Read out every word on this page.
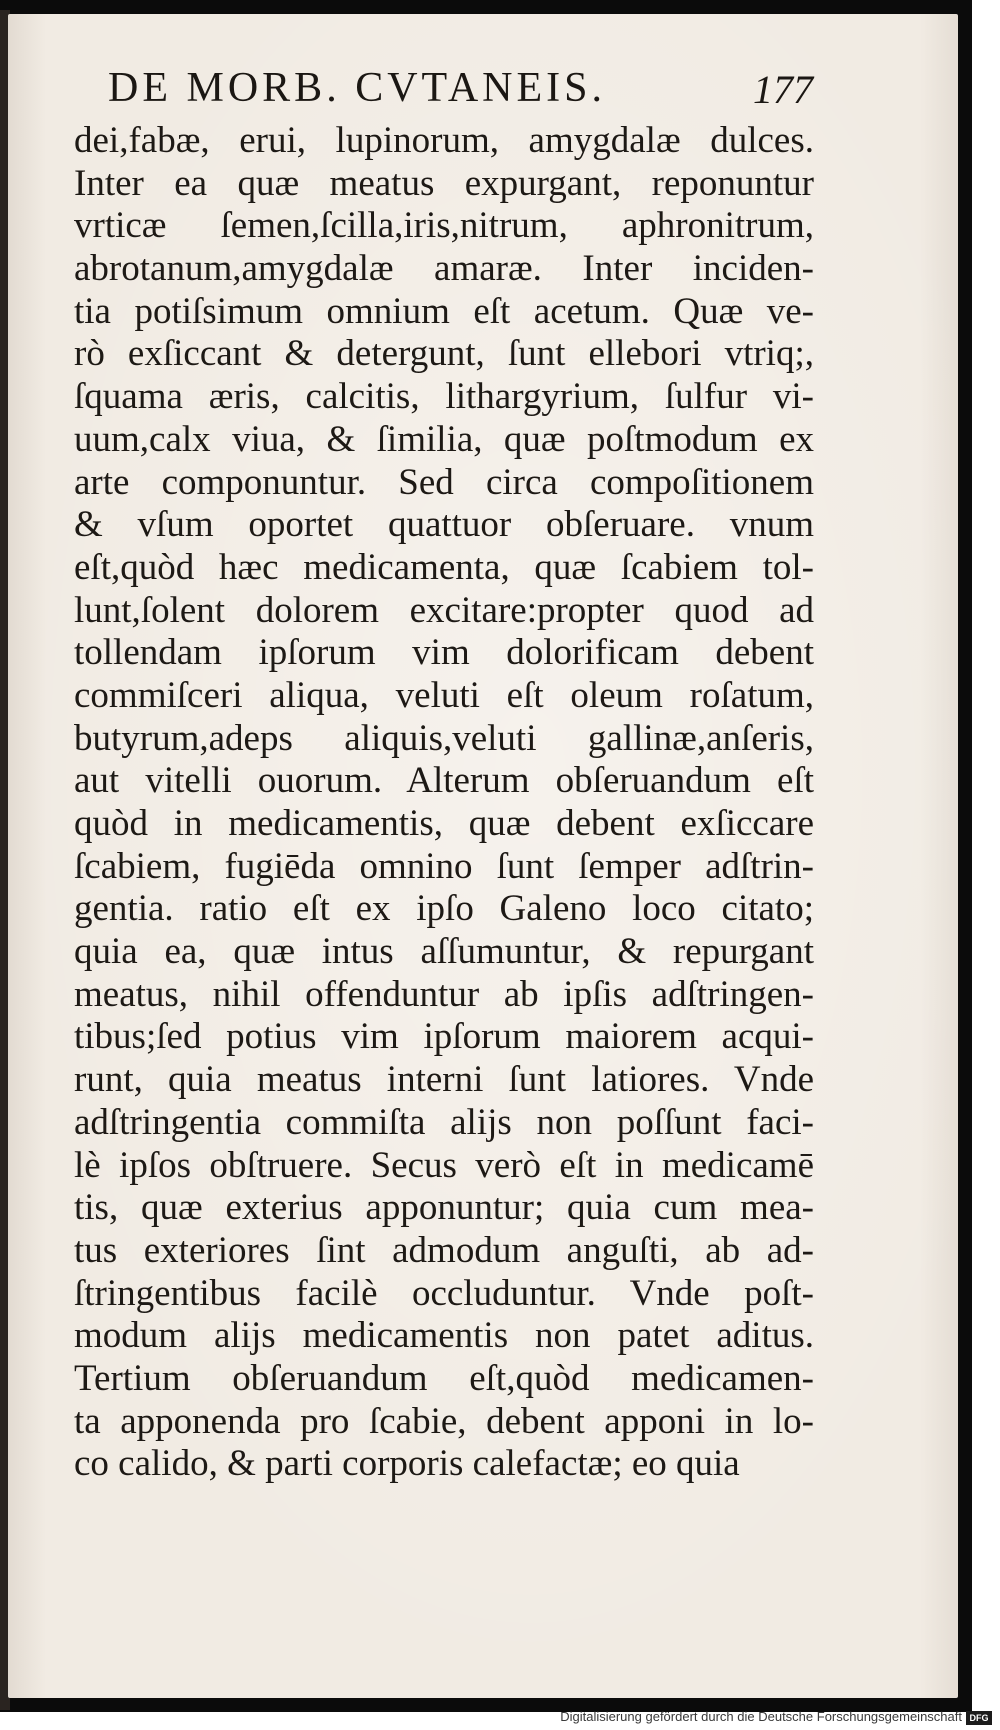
DE MORB. CVTANEIS.	177
dei,fabæ, erui, lupinorum, amygdalæ dulces.
Inter ea quæ meatus expurgant, reponuntur
vrticæ ſemen,ſcilla,iris,nitrum, aphronitrum,
abrotanum,amygdalæ amaræ. Inter inciden-
tia potiſsimum omnium eſt acetum. Quæ ve-
rò exſiccant & detergunt, ſunt ellebori vtriq;,
ſquama æris, calcitis, lithargyrium, ſulfur vi-
uum,calx viua, & ſimilia, quæ poſtmodum ex
arte componuntur. Sed circa compoſitionem
& vſum oportet quattuor obſeruare. vnum
eſt,quòd hæc medicamenta, quæ ſcabiem tol-
lunt,ſolent dolorem excitare:propter quod ad
tollendam ipſorum vim dolorificam debent
commiſceri aliqua, veluti eſt oleum roſatum,
butyrum,adeps aliquis,veluti gallinæ,anſeris,
aut vitelli ouorum. Alterum obſeruandum eſt
quòd in medicamentis, quæ debent exſiccare
ſcabiem, fugiēda omnino ſunt ſemper adſtrin-
gentia. ratio eſt ex ipſo Galeno loco citato;
quia ea, quæ intus aſſumuntur, & repurgant
meatus, nihil offenduntur ab ipſis adſtringen-
tibus;ſed potius vim ipſorum maiorem acqui-
runt, quia meatus interni ſunt latiores. Vnde
adſtringentia commiſta alijs non poſſunt faci-
lè ipſos obſtruere. Secus verò eſt in medicamē
tis, quæ exterius apponuntur; quia cum mea-
tus exteriores ſint admodum anguſti, ab ad-
ſtringentibus facilè occluduntur. Vnde poſt-
modum alijs medicamentis non patet aditus.
Tertium obſeruandum eſt,quòd medicamen-
ta apponenda pro ſcabie, debent apponi in lo-
co calido, & parti corporis calefactæ; eo quia
Digitalisierung gefördert durch die Deutsche Forschungsgemeinschaft DFG
